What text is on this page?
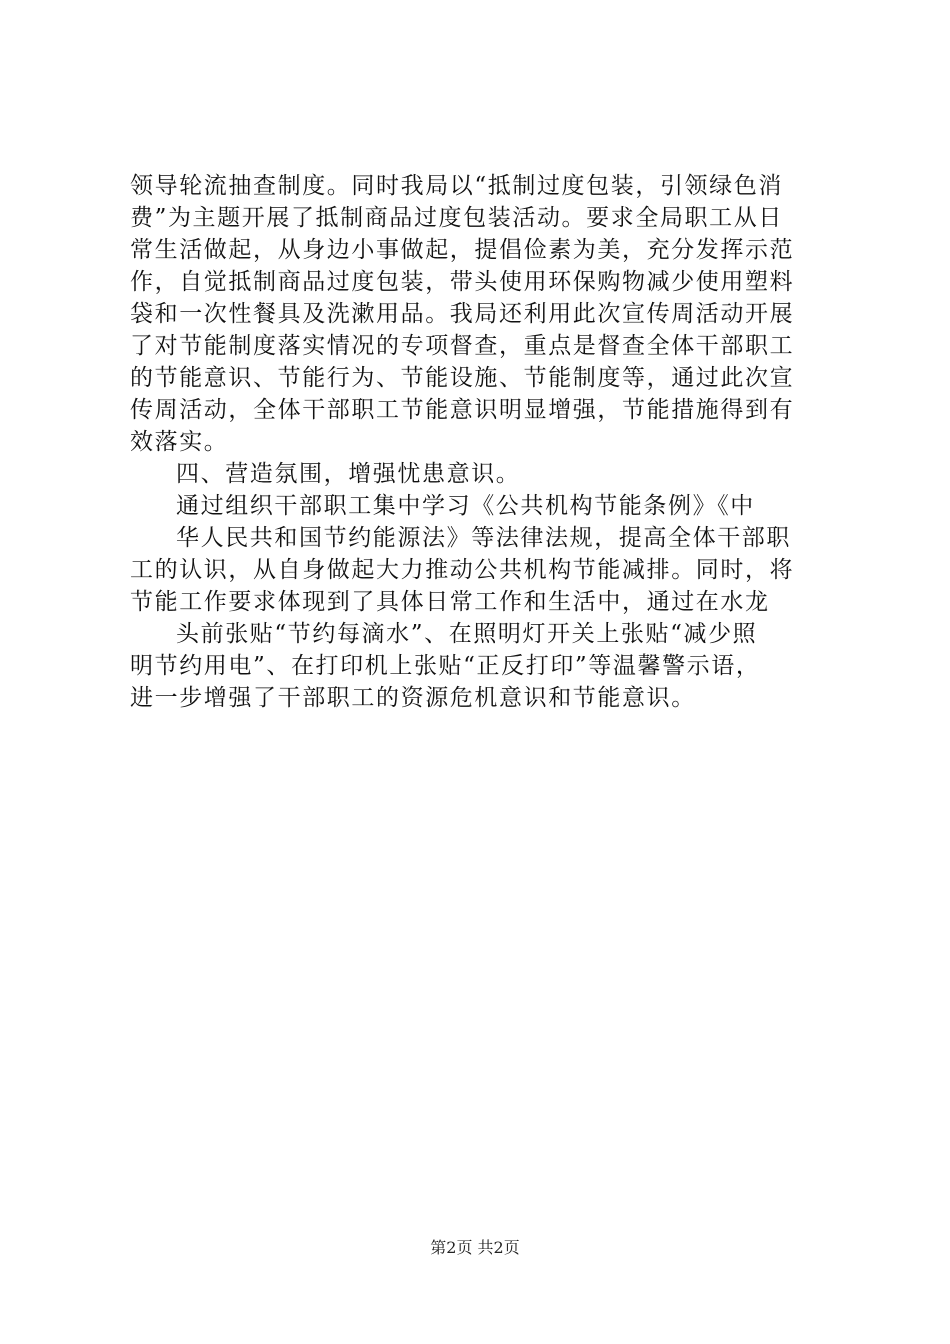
领导轮流抽查制度。同时我局以“抵制过度包装，引领绿色消
费”为主题开展了抵制商品过度包装活动。要求全局职工从日
常生活做起，从身边小事做起，提倡俭素为美，充分发挥示范
作，自觉抵制商品过度包装，带头使用环保购物减少使用塑料
袋和一次性餐具及洗漱用品。我局还利用此次宣传周活动开展
了对节能制度落实情况的专项督查，重点是督查全体干部职工
的节能意识、节能行为、节能设施、节能制度等，通过此次宣
传周活动，全体干部职工节能意识明显增强，节能措施得到有
效落实。
四、营造氛围，增强忧患意识。
通过组织干部职工集中学习《公共机构节能条例》《中
华人民共和国节约能源法》等法律法规，提高全体干部职
工的认识，从自身做起大力推动公共机构节能减排。同时，将
节能工作要求体现到了具体日常工作和生活中，通过在水龙
头前张贴“节约每滴水”、在照明灯开关上张贴“减少照
明节约用电”、在打印机上张贴“正反打印”等温馨警示语，
进一步增强了干部职工的资源危机意识和节能意识。
第2页 共2页
